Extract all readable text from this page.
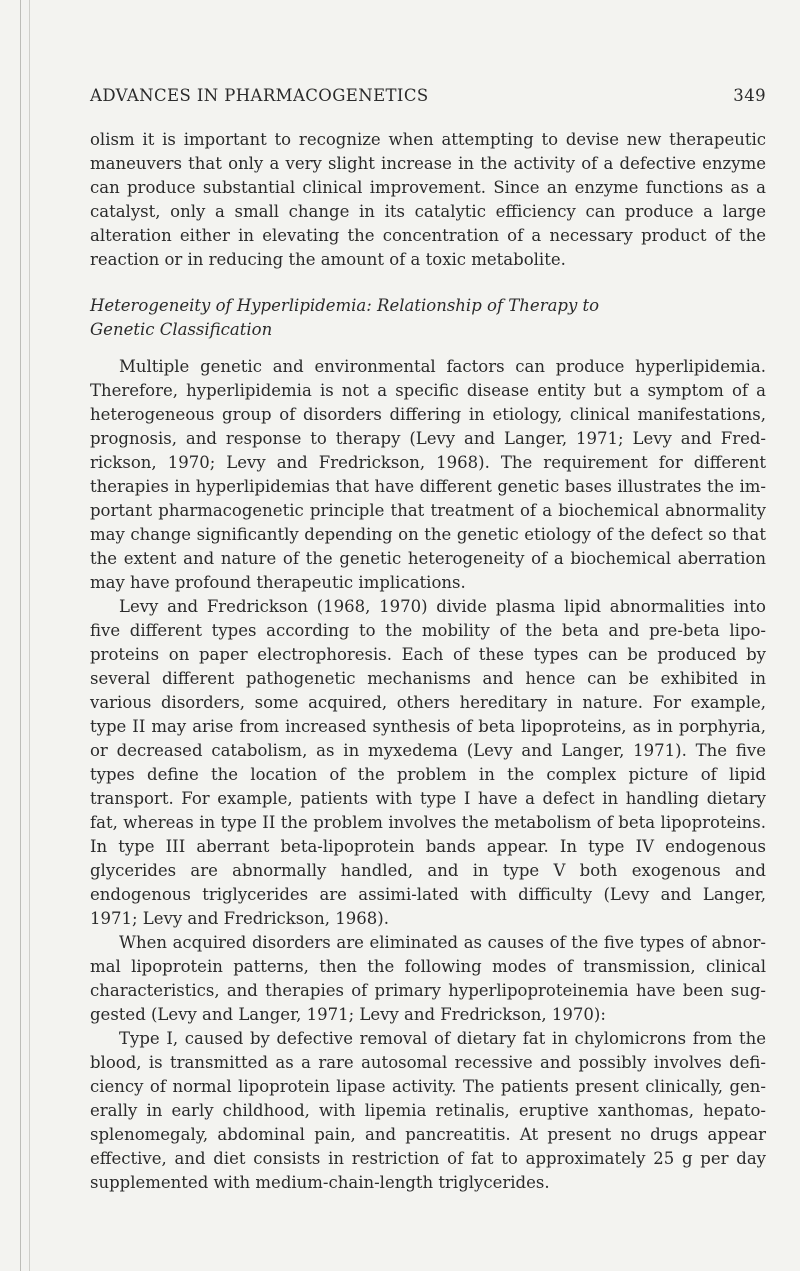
ADVANCES IN PHARMACOGENETICS	349

olism it is important to recognize when attempting to devise new therapeutic maneuvers that only a very slight increase in the activity of a defective enzyme can produce substantial clinical improvement. Since an enzyme functions as a catalyst, only a small change in its catalytic efficiency can produce a large alteration either in elevating the concentration of a necessary product of the reaction or in reducing the amount of a toxic metabolite.

Heterogeneity of Hyperlipidemia: Relationship of Therapy to
Genetic Classification

Multiple genetic and environmental factors can produce hyperlipidemia. Therefore, hyperlipidemia is not a specific disease entity but a symptom of a heterogeneous group of disorders differing in etiology, clinical manifestations, prognosis, and response to therapy (Levy and Langer, 1971; Levy and Fred-rickson, 1970; Levy and Fredrickson, 1968). The requirement for different therapies in hyperlipidemias that have different genetic bases illustrates the im-portant pharmacogenetic principle that treatment of a biochemical abnormality may change significantly depending on the genetic etiology of the defect so that the extent and nature of the genetic heterogeneity of a biochemical aberration may have profound therapeutic implications.

Levy and Fredrickson (1968, 1970) divide plasma lipid abnormalities into five different types according to the mobility of the beta and pre-beta lipo-proteins on paper electrophoresis. Each of these types can be produced by several different pathogenetic mechanisms and hence can be exhibited in various disorders, some acquired, others hereditary in nature. For example, type II may arise from increased synthesis of beta lipoproteins, as in porphyria, or decreased catabolism, as in myxedema (Levy and Langer, 1971). The five types define the location of the problem in the complex picture of lipid transport. For example, patients with type I have a defect in handling dietary fat, whereas in type II the problem involves the metabolism of beta lipoproteins. In type III aberrant beta-lipoprotein bands appear. In type IV endogenous glycerides are abnormally handled, and in type V both exogenous and endogenous triglycerides are assimi-lated with difficulty (Levy and Langer, 1971; Levy and Fredrickson, 1968).

When acquired disorders are eliminated as causes of the five types of abnor-mal lipoprotein patterns, then the following modes of transmission, clinical characteristics, and therapies of primary hyperlipoproteinemia have been sug-gested (Levy and Langer, 1971; Levy and Fredrickson, 1970):

Type I, caused by defective removal of dietary fat in chylomicrons from the blood, is transmitted as a rare autosomal recessive and possibly involves defi-ciency of normal lipoprotein lipase activity. The patients present clinically, gen-erally in early childhood, with lipemia retinalis, eruptive xanthomas, hepato-splenomegaly, abdominal pain, and pancreatitis. At present no drugs appear effective, and diet consists in restriction of fat to approximately 25 g per day supplemented with medium-chain-length triglycerides.
